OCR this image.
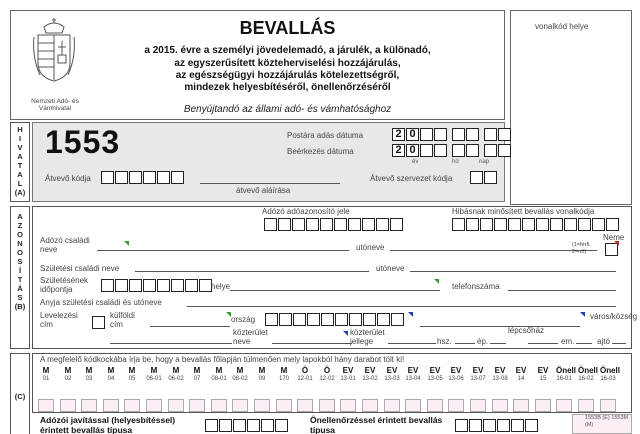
vonalkód helye
Nemzeti Adó- és Vámhivatal
BEVALLÁS
a 2015. évre a személyi jövedelemadó, a járulék, a különadó,
az egyszerűsített közteherviselési hozzájárulás,
az egészségügyi hozzájárulás kötelezettségről,
mindezek helyesbítéséről, önellenőrzéséről
Benyújtandó az állami adó- és vámhatósághoz
H
I
V
A
T
A
L
(A)
1553	Postára adás dátuma	2 0
Beérkezés dátuma	2 0
év	hó	nap
Átvevő kódja
átvevő aláírása
Átvevő szervezet kódja
A
Z
O
N
O
S
Í
T
Á
S
(B)
Adózó adóazonosító jele	Hibásnak minősített bevallás vonalkódja
Adózó családi neve	utóneve
Neme
(1=férfi, 2=nő)
Születési családi neve	utóneve
Születésének időpontja	helye	telefonszáma
Anyja születési családi és utóneve
Levelezési cím
külföldi cím
ország	város/község
közterület neve
közterület jellege	hsz.	ép.
lépcsőház
em.	ajtó
(C)
A megfelelő kódkockába írja be, hogy a bevallás főlapján túlmenően mely lapokból hány darabot tölt ki!
M
01
M
02
M
03
M
04
M
05
M
06-01
M
06-02
M
07
M
08-01
M
08-02
M
09
M
170
Ö
12-01
Ö
12-02
EV
13-01
EV
13-02
EV
13-03
EV
13-04
EV
13-05
EV
13-06
EV
13-07
EV
13-08
EV
14
EV
15
Önell
16-01
Önell
16-02
Önell
16-03
Adózói javítással (helyesbítéssel) érintett bevallás típusa
Önellenőrzéssel érintett bevallás típusa
1553B (E) 1553M (M)
